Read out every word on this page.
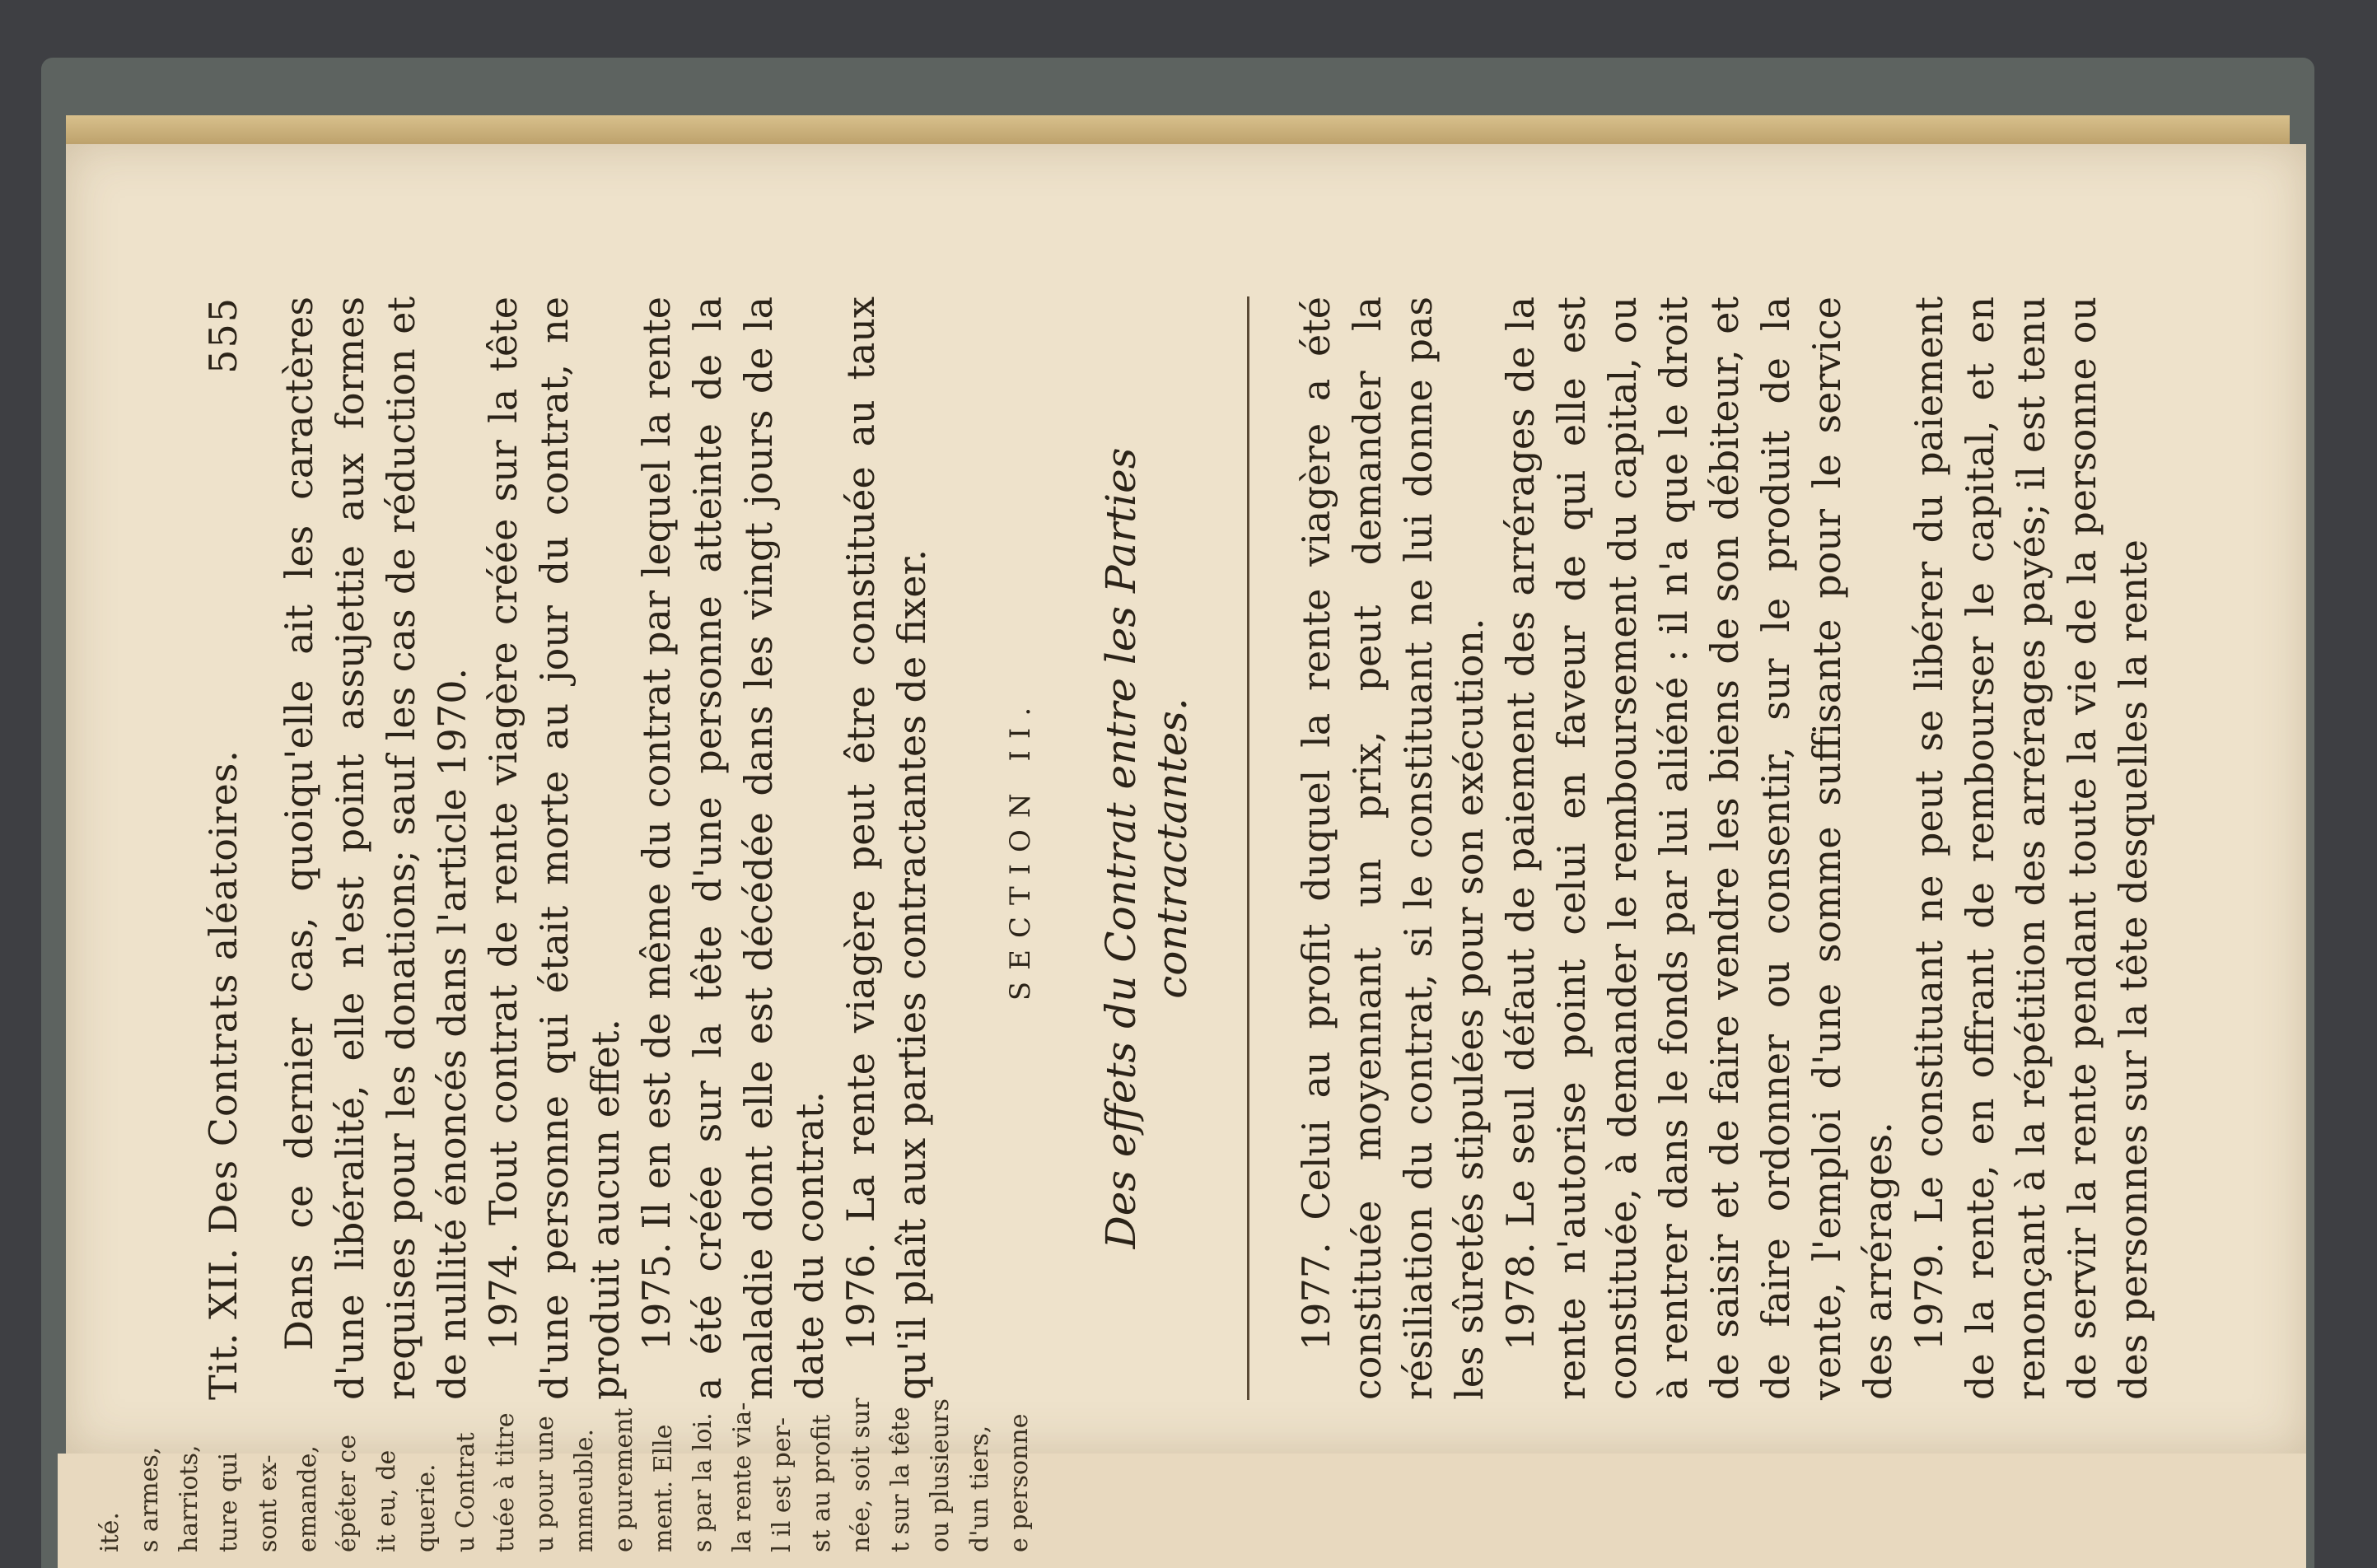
ité. s armes, harriots, ture qui sont ex- emande, épéter ce it eu, de querie. u Contrat tuée à titre u pour une mmeuble. e purement ment. Elle s par la loi. la rente via- l il est per- st au profit née, soit sur t sur la tête ou plusieurs d'un tiers, e personne
Tit. XII. Des Contrats aléatoires.
555 Dans ce dernier cas, quoiqu'elle ait les caractères d'une libéralité, elle n'est point assujettie aux formes requises pour les donations; sauf les cas de réduction et de nullité énoncés dans l'article 1970. 1974. Tout contrat de rente viagère créée sur la tête d'une personne qui était morte au jour du contrat, ne produit aucun effet. 1975. Il en est de même du contrat par lequel la rente a été créée sur la tête d'une personne atteinte de la maladie dont elle est décédée dans les vingt jours de la date du contrat. 1976. La rente viagère peut être constituée au taux qu'il plaît aux parties contractantes de fixer.	SECTION II. Des effets du Contrat entre les Parties contractantes.	1977. Celui au profit duquel la rente viagère a été constituée moyennant un prix, peut demander la résiliation du contrat, si le constituant ne lui donne pas les sûretés stipulées pour son exécution. 1978. Le seul défaut de paiement des arrérages de la rente n'autorise point celui en faveur de qui elle est constituée, à demander le remboursement du capital, ou à rentrer dans le fonds par lui aliéné : il n'a que le droit de saisir et de faire vendre les biens de son débiteur, et de faire ordonner ou consentir, sur le produit de la vente, l'emploi d'une somme suffisante pour le service des arrérages. 1979. Le constituant ne peut se libérer du paiement de la rente, en offrant de rembourser le capital, et en renonçant à la répétition des arrérages payés; il est tenu de servir la rente pendant toute la vie de la personne ou des personnes sur la tête desquelles la rente
